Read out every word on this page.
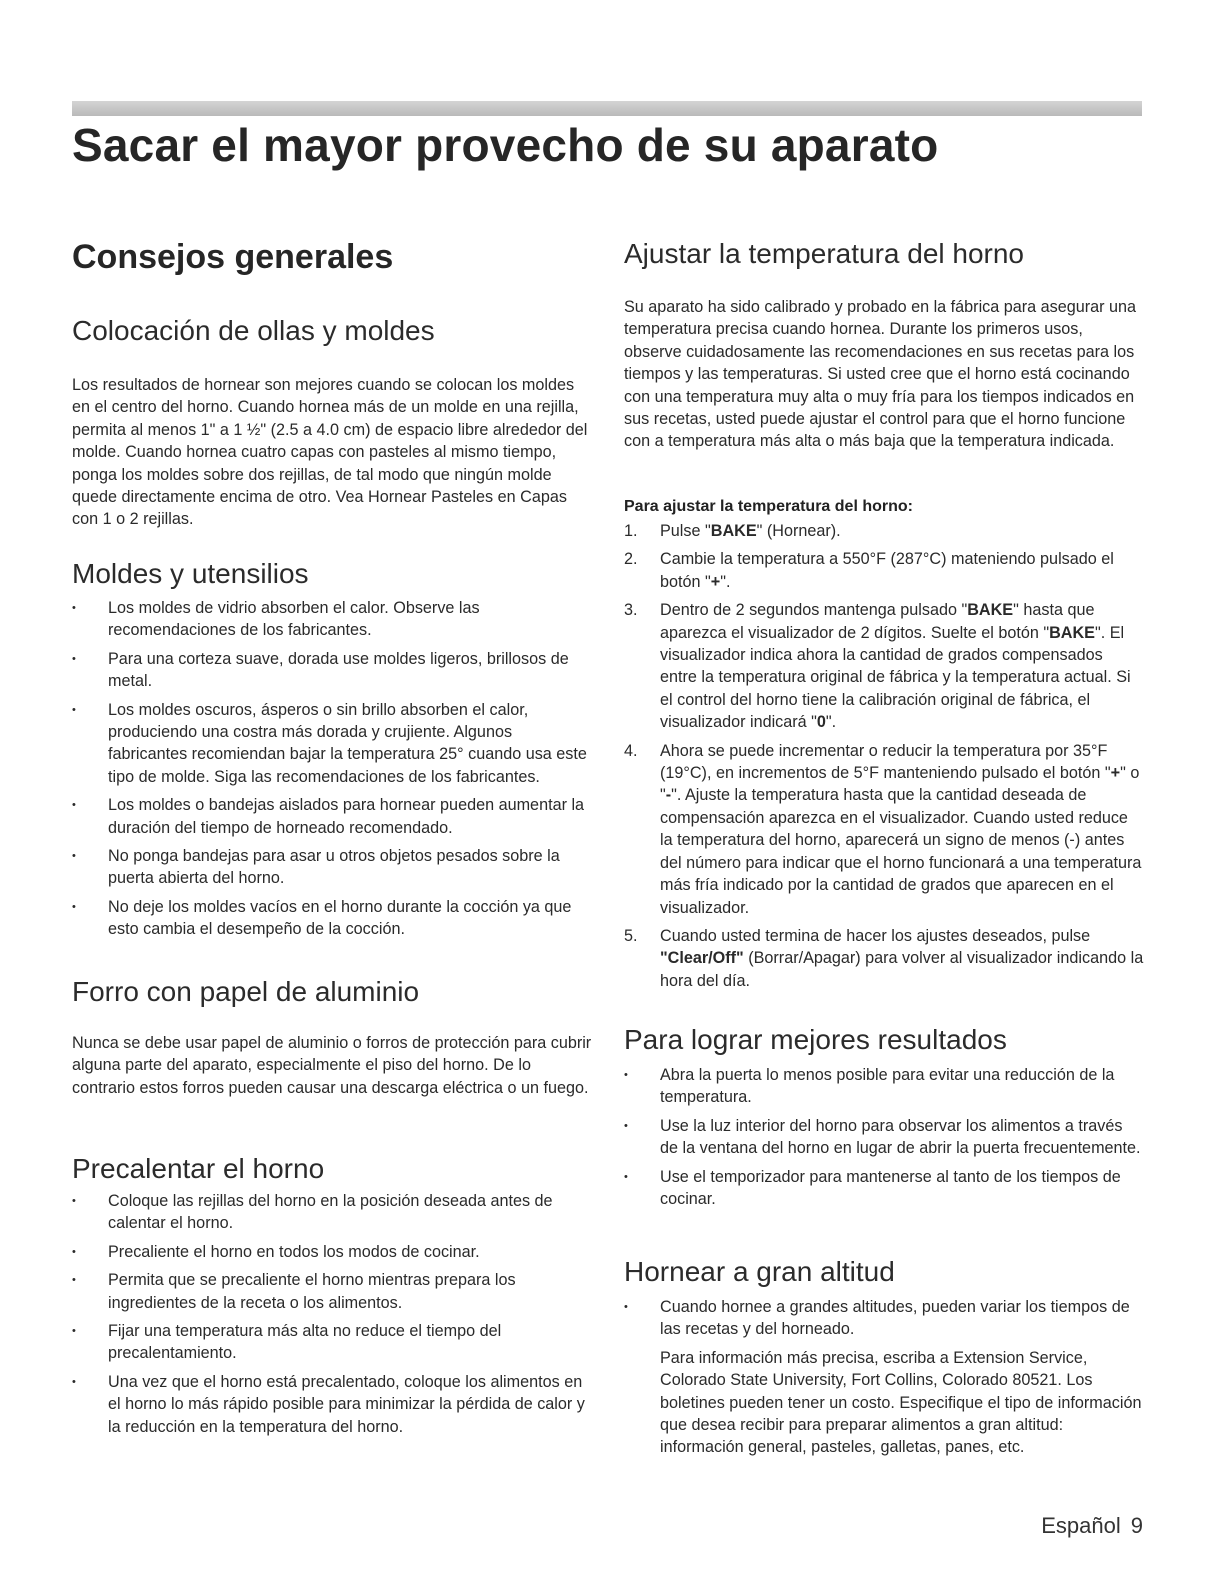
Sacar el mayor provecho de su aparato
Consejos generales
Colocación de ollas y moldes

Los resultados de hornear son mejores cuando se colocan los moldes en el centro del horno. Cuando hornea más de un molde en una rejilla, permita al menos 1" a 1 ½" (2.5 a 4.0 cm) de espacio libre alrededor del molde. Cuando hornea cuatro capas con pasteles al mismo tiempo, ponga los moldes sobre dos rejillas, de tal modo que ningún molde quede directamente encima de otro. Vea Hornear Pasteles en Capas con 1 o 2 rejillas.

Moldes y utensilios
•	Los moldes de vidrio absorben el calor. Observe las recomendaciones de los fabricantes.
•	Para una corteza suave, dorada use moldes ligeros, brillosos de metal.
•	Los moldes oscuros, ásperos o sin brillo absorben el calor, produciendo una costra más dorada y crujiente. Algunos fabricantes recomiendan bajar la temperatura 25° cuando usa este tipo de molde. Siga las recomendaciones de los fabricantes.
•	Los moldes o bandejas aislados para hornear pueden aumentar la duración del tiempo de horneado recomendado.
•	No ponga bandejas para asar u otros objetos pesados sobre la puerta abierta del horno.
•	No deje los moldes vacíos en el horno durante la cocción ya que esto cambia el desempeño de la cocción.
Forro con papel de aluminio

Nunca se debe usar papel de aluminio o forros de protección para cubrir alguna parte del aparato, especialmente el piso del horno. De lo contrario estos forros pueden causar una descarga eléctrica o un fuego.

Precalentar el horno
•	Coloque las rejillas del horno en la posición deseada antes de calentar el horno.
•	Precaliente el horno en todos los modos de cocinar.
•	Permita que se precaliente el horno mientras prepara los ingredientes de la receta o los alimentos.
•	Fijar una temperatura más alta no reduce el tiempo del precalentamiento.
•	Una vez que el horno está precalentado, coloque los alimentos en el horno lo más rápido posible para minimizar la pérdida de calor y la reducción en la temperatura del horno.
Ajustar la temperatura del horno

Su aparato ha sido calibrado y probado en la fábrica para asegurar una temperatura precisa cuando hornea. Durante los primeros usos, observe cuidadosamente las recomendaciones en sus recetas para los tiempos y las temperaturas. Si usted cree que el horno está cocinando con una temperatura muy alta o muy fría para los tiempos indicados en sus recetas, usted puede ajustar el control para que el horno funcione con a temperatura más alta o más baja que la temperatura indicada.

Para ajustar la temperatura del horno:

1. Pulse "BAKE" (Hornear).
2. Cambie la temperatura a 550°F (287°C) mateniendo pulsado el botón "+".
3. Dentro de 2 segundos mantenga pulsado "BAKE" hasta que aparezca el visualizador de 2 dígitos. Suelte el botón "BAKE". El visualizador indica ahora la cantidad de grados compensados entre la temperatura original de fábrica y la temperatura actual. Si el control del horno tiene la calibración original de fábrica, el visualizador indicará "0".
4. Ahora se puede incrementar o reducir la temperatura por 35°F (19°C), en incrementos de 5°F manteniendo pulsado el botón "+" o "-". Ajuste la temperatura hasta que la cantidad deseada de compensación aparezca en el visualizador. Cuando usted reduce la temperatura del horno, aparecerá un signo de menos (-) antes del número para indicar que el horno funcionará a una temperatura más fría indicado por la cantidad de grados que aparecen en el visualizador.
5. Cuando usted termina de hacer los ajustes deseados, pulse "Clear/Off" (Borrar/Apagar) para volver al visualizador indicando la hora del día.
Para lograr mejores resultados
•	Abra la puerta lo menos posible para evitar una reducción de la temperatura.
•	Use la luz interior del horno para observar los alimentos a través de la ventana del horno en lugar de abrir la puerta frecuentemente.
•	Use el temporizador para mantenerse al tanto de los tiempos de cocinar.
Hornear a gran altitud
•	Cuando hornee a grandes altitudes, pueden variar los tiempos de las recetas y del horneado.
Para información más precisa, escriba a Extension Service, Colorado State University, Fort Collins, Colorado 80521. Los boletines pueden tener un costo. Especifique el tipo de información que desea recibir para preparar alimentos a gran altitud: información general, pasteles, galletas, panes, etc.
Español 9
